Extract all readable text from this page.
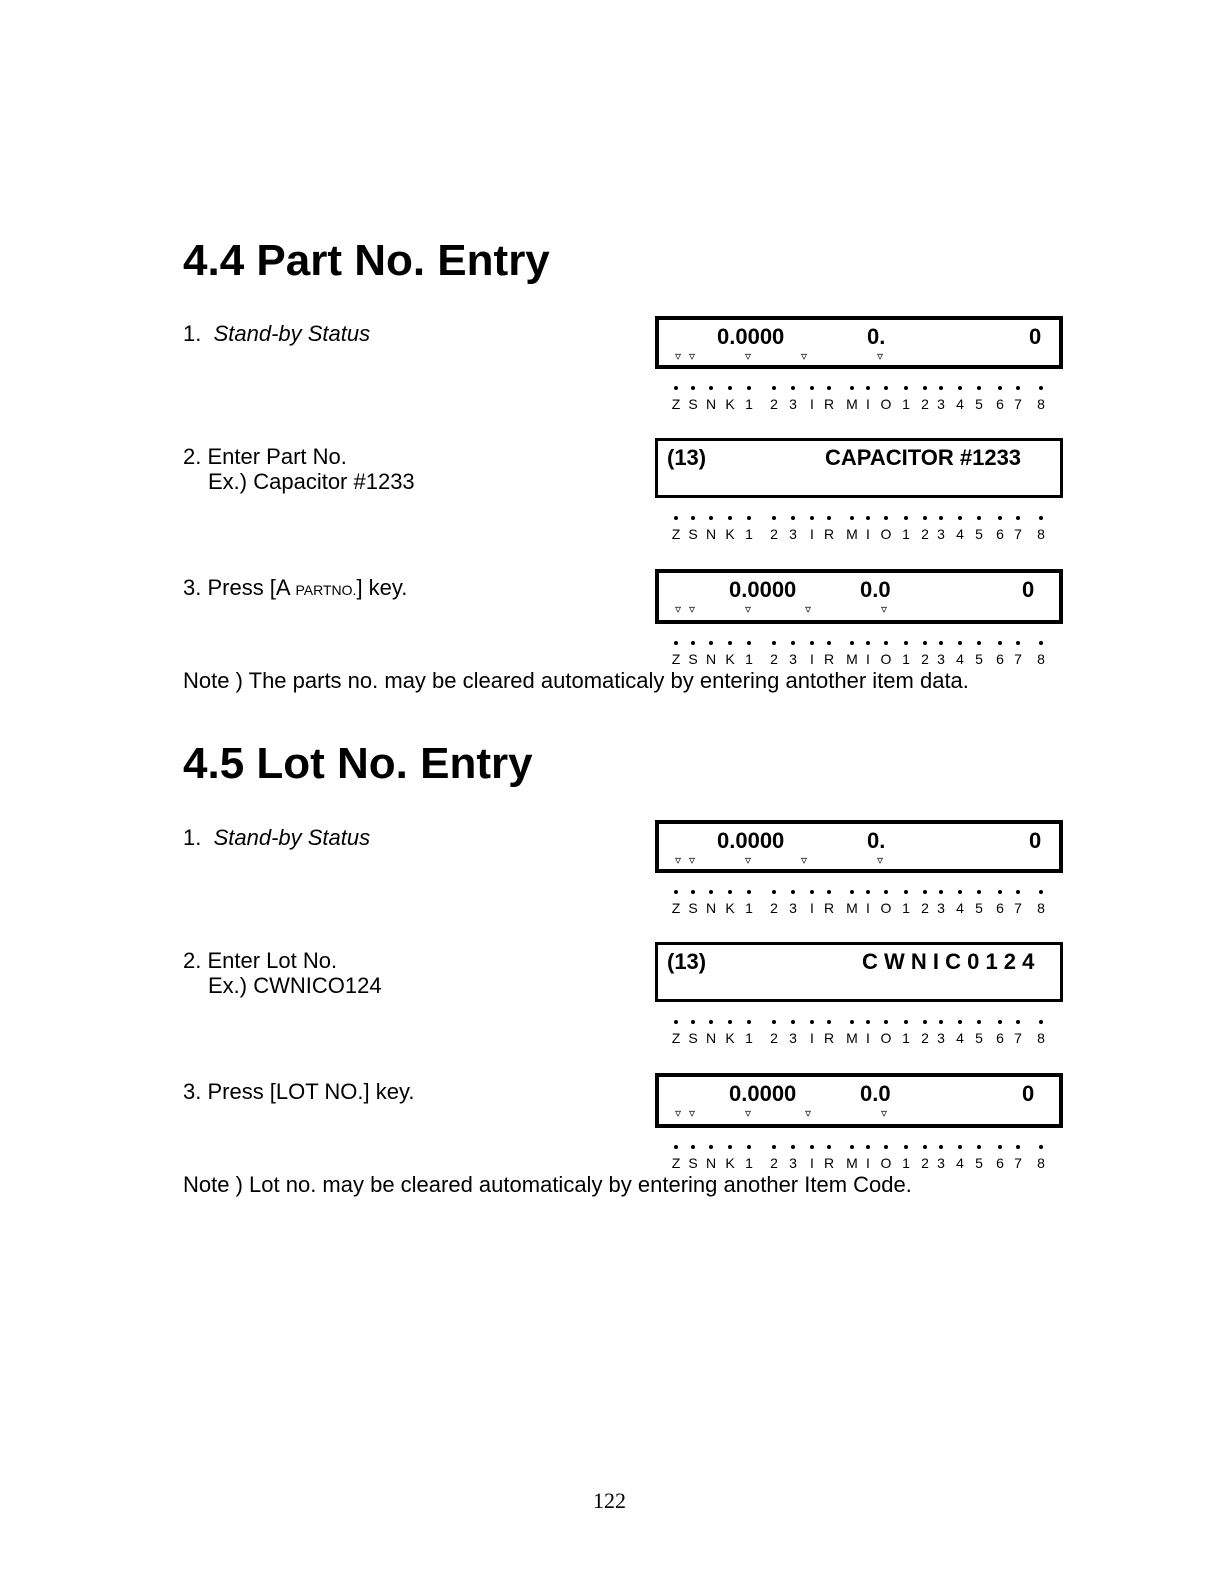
4.4 Part No. Entry
1. Stand-by Status	0.0000	0.	0
▿ ▿	▿	▿	▿
Z S N K 1 2 3 I R M I O 1 2 3 4 5 6 7 8
2. Enter Part No.
Ex.) Capacitor #1233
(13)	CAPACITOR #1233
Z S N K 1 2 3 I R M I O 1 2 3 4 5 6 7 8
3. Press [A PARTNO.] key.	0.0000	0.0	0
▿ ▿	▿	▿	▿
Z S N K 1 2 3 I R M I O 1 2 3 4 5 6 7 8
Note ) The parts no. may be cleared automaticaly by entering antother item data.
4.5 Lot No. Entry
1. Stand-by Status	0.0000	0.	0
▿ ▿	▿	▿	▿
Z S N K 1 2 3 I R M I O 1 2 3 4 5 6 7 8
2. Enter Lot No.
Ex.) CWNICO124
(13)	C W N I C 0 1 2 4
Z S N K 1 2 3 I R M I O 1 2 3 4 5 6 7 8
3. Press [LOT NO.] key.	0.0000	0.0	0
▿ ▿	▿	▿	▿
Z S N K 1 2 3 I R M I O 1 2 3 4 5 6 7 8
Note ) Lot no. may be cleared automaticaly by entering another Item Code.
122
